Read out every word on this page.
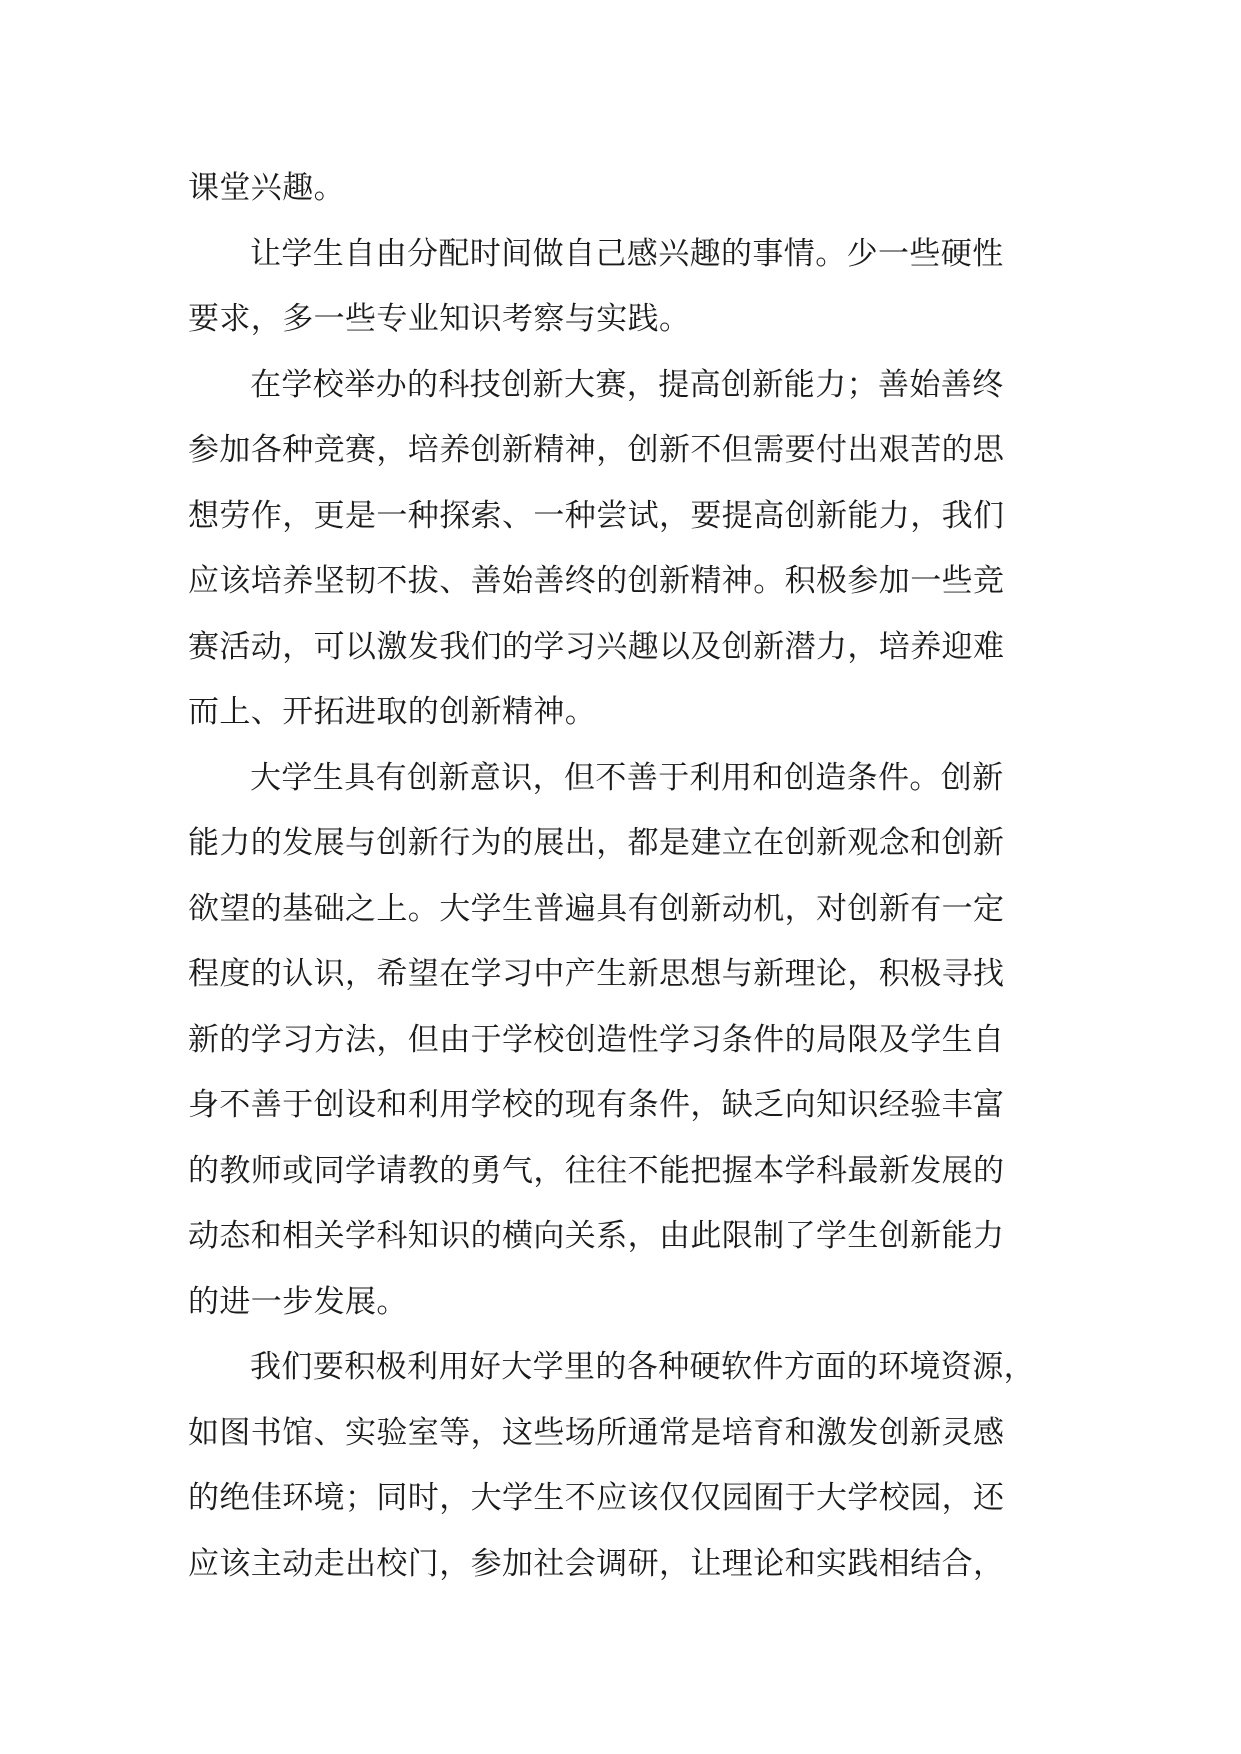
课堂兴趣。

让学生自由分配时间做自己感兴趣的事情。少一些硬性
要求，多一些专业知识考察与实践。

在学校举办的科技创新大赛，提高创新能力；善始善终
参加各种竞赛，培养创新精神，创新不但需要付出艰苦的思
想劳作，更是一种探索、一种尝试，要提高创新能力，我们
应该培养坚韧不拔、善始善终的创新精神。积极参加一些竞
赛活动，可以激发我们的学习兴趣以及创新潜力，培养迎难
而上、开拓进取的创新精神。

大学生具有创新意识，但不善于利用和创造条件。创新
能力的发展与创新行为的展出，都是建立在创新观念和创新
欲望的基础之上。大学生普遍具有创新动机，对创新有一定
程度的认识，希望在学习中产生新思想与新理论，积极寻找
新的学习方法，但由于学校创造性学习条件的局限及学生自
身不善于创设和利用学校的现有条件，缺乏向知识经验丰富
的教师或同学请教的勇气，往往不能把握本学科最新发展的
动态和相关学科知识的横向关系，由此限制了学生创新能力
的进一步发展。

我们要积极利用好大学里的各种硬软件方面的环境资源，
如图书馆、实验室等，这些场所通常是培育和激发创新灵感
的绝佳环境；同时，大学生不应该仅仅园囿于大学校园，还
应该主动走出校门，参加社会调研，让理论和实践相结合，
